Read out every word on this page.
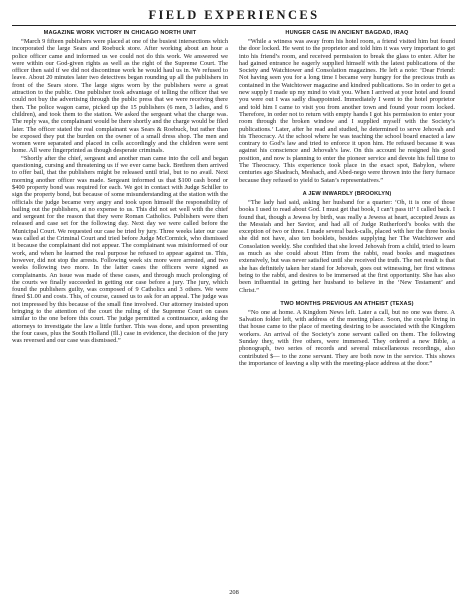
FIELD EXPERIENCES
MAGAZINE WORK VICTORY IN CHICAGO NORTH UNIT

“March 9 fifteen publishers were placed at one of the busiest intersections which incorporated the large Sears and Roebuck store. After working about an hour a police officer came and informed us we could not do this work. We answered we were within our God-given rights as well as the right of the Supreme Court. The officer then said if we did not discontinue work he would haul us in. We refused to leave. About 20 minutes later two detectives began rounding up all the publishers in front of the Sears store. The large signs worn by the publishers were a great attraction to the public. One publisher took advantage of telling the officer that we could not buy the advertising through the public press that we were receiving there then. The police wagon came, picked up the 15 publishers (6 men, 3 ladies, and 6 children), and took them to the station. We asked the sergeant what the charge was. The reply was, the complainant would be there shortly and the charge would be filed later. The officer stated the real complainant was Sears & Roebuck, but rather than be exposed they put the burden on the owner of a small dress shop. The men and women were separated and placed in cells accordingly and the children were sent home. All were fingerprinted as though desperate criminals.

“Shortly after the chief, sergeant and another man came into the cell and began questioning, cursing and threatening us if we ever came back. Brethren then arrived to offer bail, that the publishers might be released until trial, but to no avail. Next morning another officer was made. Sergeant informed us that $100 cash bond or $400 property bond was required for each. We got in contact with Judge Schiller to sign the property bond, but because of some misunderstanding at the station with the officials the judge became very angry and took upon himself the responsibility of bailing out the publishers, at no expense to us. This did not set well with the chief and sergeant for the reason that they were Roman Catholics. Publishers were then released and case set for the following day. Next day we were called before the Municipal Court. We requested our case be tried by jury. Three weeks later our case was called at the Criminal Court and tried before Judge McCormick, who dismissed it because the complainant did not appear. The complainant was misinformed of our work, and when he learned the real purpose he refused to appear against us. This, however, did not stop the arrests. Following week six more were arrested, and two weeks following two more. In the latter cases the officers were signed as complainants. An issue was made of these cases, and through much prolonging of the courts we finally succeeded in getting our case before a jury. The jury, which found the publishers guilty, was composed of 9 Catholics and 3 others. We were fined $1.00 and costs. This, of course, caused us to ask for an appeal. The judge was not impressed by this because of the small fine involved. Our attorney insisted upon bringing to the attention of the court the ruling of the Supreme Court on cases similar to the one before this court. The judge permitted a continuance, asking the attorneys to investigate the law a little further. This was done, and upon presenting the four cases, plus the South Holland (Ill.) case in evidence, the decision of the jury was reversed and our case was dismissed.”

HUNGER CASE IN ANCIENT BAGDAD, IRAQ

“While a witness was away from his hotel room, a friend visited him but found the door locked. He went to the proprietor and told him it was very important to get into his friend’s room, and received permission to break the glass to enter. After he had gained entrance he eagerly supplied himself with the latest publications of the Society and Watchtower and Consolation magazines. He left a note: ‘Dear Friend: Not having seen you for a long time I became very hungry for the precious truth as contained in the Watchtower magazine and kindred publications. So in order to get a new supply I made up my mind to visit you. When I arrived at your hotel and found you were out I was sadly disappointed. Immediately I went to the hotel proprietor and told him I came to visit you from another town and found your room locked. Therefore, in order not to return with empty hands I got his permission to enter your room through the broken window and I supplied myself with the Society’s publications.’ Later, after he read and studied, he determined to serve Jehovah and his Theocracy. At the school where he was teaching the school board enacted a law contrary to God’s law and tried to enforce it upon him. He refused because it was against his conscience and Jehovah’s law. On this account he resigned his good position, and now is planning to enter the pioneer service and devote his full time to The Theocracy. This experience took place in the exact spot, Babylon, where centuries ago Shadrach, Meshach, and Abed-nego were thrown into the fiery furnace because they refused to yield to Satan’s representatives.”

A JEW INWARDLY (BROOKLYN)

“The lady had said, asking her husband for a quarter: ‘Oh, it is one of those books I used to read about God. I must get that book, I can’t pass it!’ I called back. I found that, though a Jewess by birth, was really a Jewess at heart, accepted Jesus as the Messiah and her Savior, and had all of Judge Rutherford’s books with the exception of two or three. I made several back-calls, placed with her the three books she did not have, also ten booklets, besides supplying her The Watchtower and Consolation weekly. She confided that she loved Jehovah from a child, tried to learn as much as she could about Him from the rabbi, read books and magazines extensively, but was never satisfied until she received the truth. The net result is that she has definitely taken her stand for Jehovah, goes out witnessing, her first witness being to the rabbi, and desires to be immersed at the first opportunity. She has also been influential in getting her husband to believe in the ‘New Testament’ and Christ.”

TWO MONTHS PREVIOUS AN ATHEIST (TEXAS)

“No one at home. A Kingdom News left. Later a call, but no one was there. A Salvation folder left, with address of the meeting place. Soon, the couple living in that house came to the place of meeting desiring to be associated with the Kingdom workers. An arrival of the Society’s zone servant called on them. The following Sunday they, with five others, were immersed. They ordered a new Bible, a phonograph, two series of records and several miscellaneous recordings, also contributed $— to the zone servant. They are both now in the service. This shows the importance of leaving a slip with the meeting-place address at the door.”

208
